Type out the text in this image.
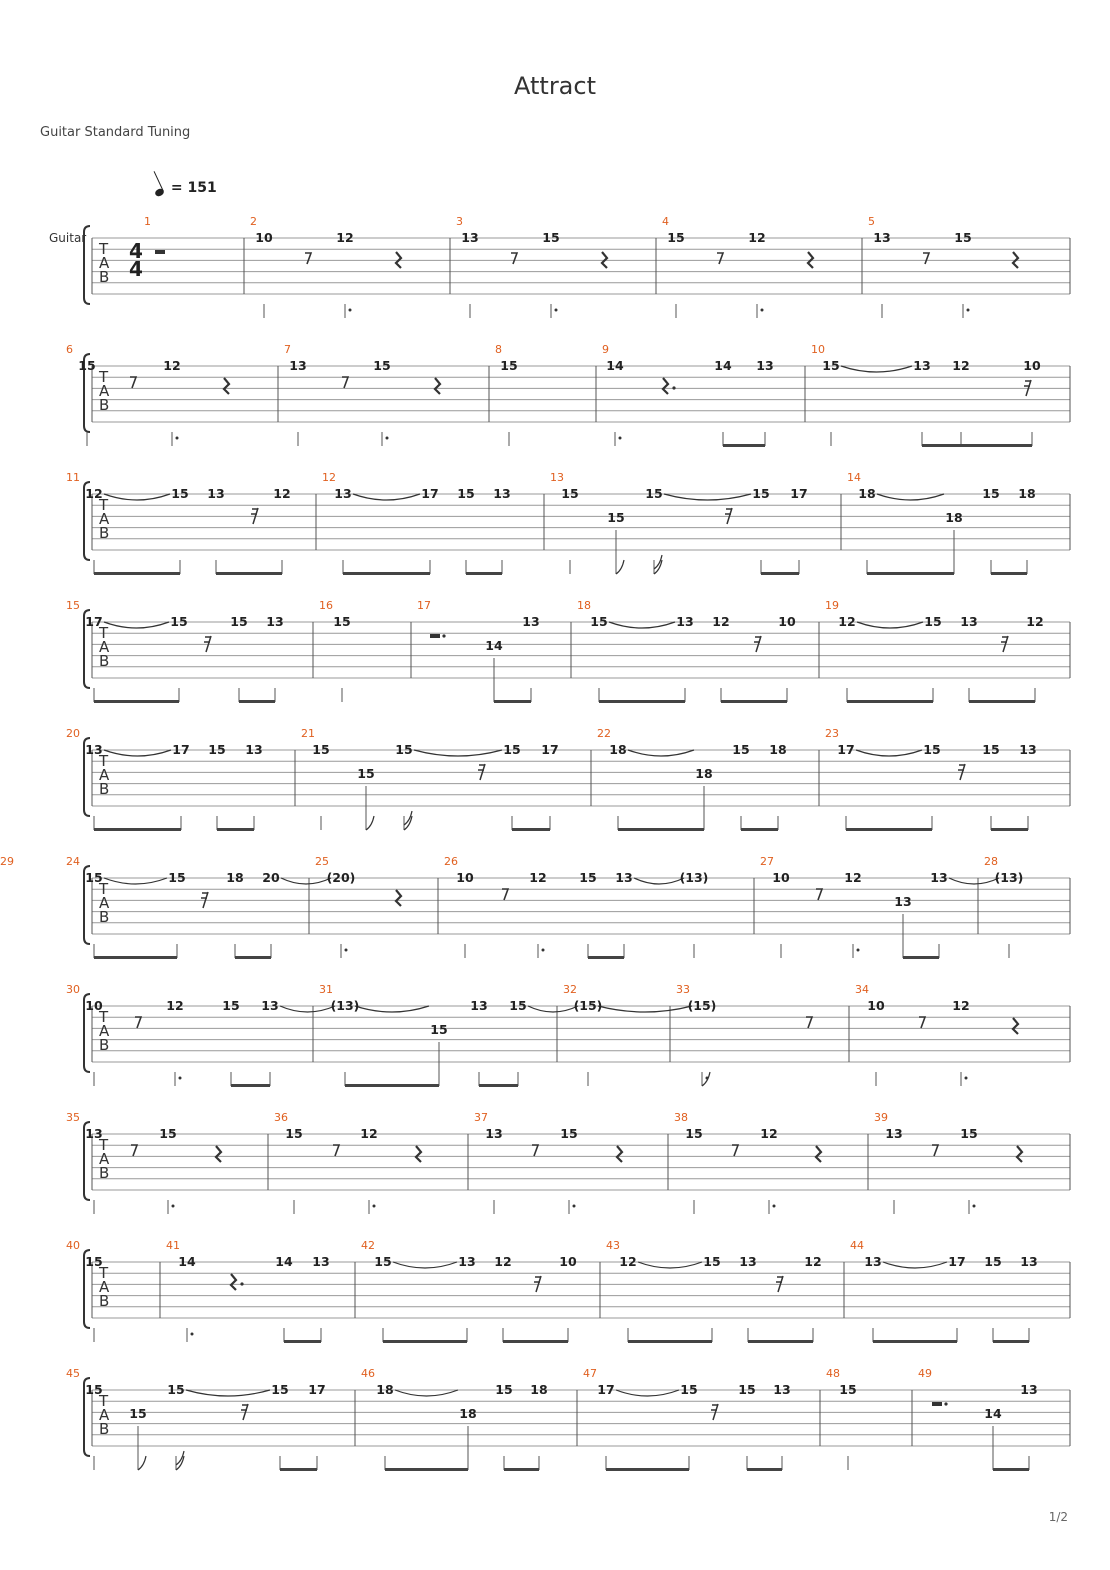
Attract
Guitar Standard Tuning
= 151
T
A
B
Guitar
4
4
1	2
10	12
3
13	15
4
15	12
5
13	15
T
A
B
6
15	12
7
13	15
8
15
9
14	14 13
10
15	13 12	10
T
A
B
11
12	15 13	12
12
13	17 15 13
13
15
15
15	15 17
14
18
18
15 18
T
A
B
15
17	15	15 13
16
15
17
14
13
18
15	13 12	10
19
12	15 13	12
T
A
B
20
13	17 15 13
21
15
15
15	15 17
22
18
18
15 18
23
17	15	15 13
T
A
B
24
15	15	18 20
25
(20)
26
10	12	15 13
27
(13)
28
10	12
13
13
29
(13)
T
A
B
30
10	12	15 13
31
(13)
15
13 15
32
(15)
33
(15)
34
10	12
T
A
B
35
13	15
36
15	12
37
13	15
38
15	12
39
13	15
T
A
B
40
15
41
14	14 13
42
15	13 12	10
43
12	15 13	12
44
13	17 15 13
T
A
B
45
15
15
15	15 17
46
18
18
15 18
47
17	15	15 13
48
15
49
14
13
1/2
